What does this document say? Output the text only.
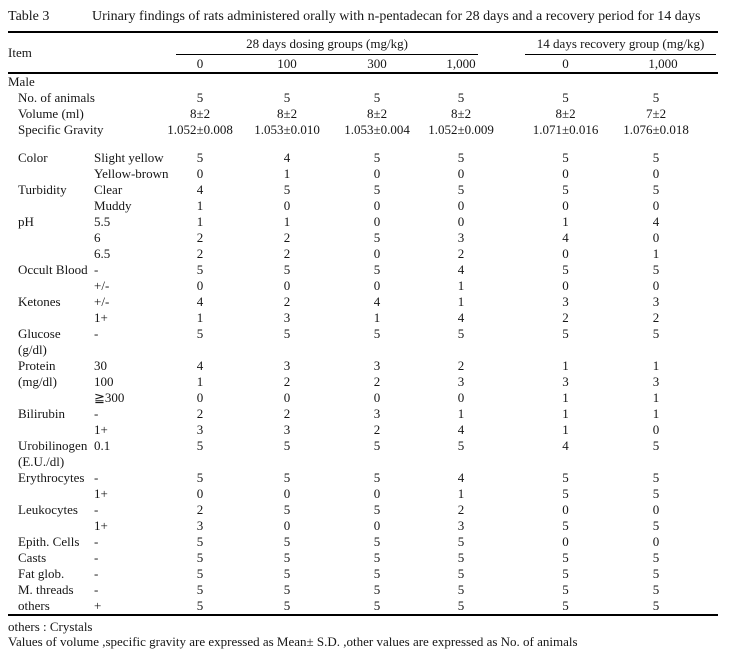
Table 3	Urinary findings of rats administered orally with n-pentadecan for 28 days and a recovery period for 14 days
Item		28 days dosing groups (mg/kg)					14 days recovery group (mg/kg)	

		0	100	300	1,000		0	1,000
Male								
No. of animals		5	5	5	5		5	5
Volume (ml)		8±2	8±2	8±2	8±2		8±2	7±2
Specific Gravity		1.052±0.008	1.053±0.010	1.053±0.004	1.052±0.009		1.071±0.016	1.076±0.018

Color	Slight yellow	5	4	5	5		5	5
	Yellow-brown	0	1	0	0		0	0
Turbidity	Clear	4	5	5	5		5	5
	Muddy	1	0	0	0		0	0
pH	5.5	1	1	0	0		1	4
	6	2	2	5	3		4	0
	6.5	2	2	0	2		0	1
Occult Blood	-	5	5	5	4		5	5
	+/-	0	0	0	1		0	0
Ketones	+/-	4	2	4	1		3	3
	1+	1	3	1	4		2	2
Glucose	-	5	5	5	5		5	5
(g/dl)								
Protein	30	4	3	3	2		1	1
(mg/dl)	100	1	2	2	3		3	3
	≧300	0	0	0	0		1	1
Bilirubin	-	2	2	3	1		1	1
	1+	3	3	2	4		1	0
Urobilinogen	0.1	5	5	5	5		4	5
(E.U./dl)								
Erythrocytes	-	5	5	5	4		5	5
	1+	0	0	0	1		5	5
Leukocytes	-	2	5	5	2		0	0
	1+	3	0	0	3		5	5
Epith. Cells	-	5	5	5	5		0	0
Casts	-	5	5	5	5		5	5
Fat glob.	-	5	5	5	5		5	5
M. threads	-	5	5	5	5		5	5
others	+	5	5	5	5		5	5
others : Crystals
Values of volume ,specific gravity are expressed as Mean± S.D. ,other values are expressed as No. of animals
